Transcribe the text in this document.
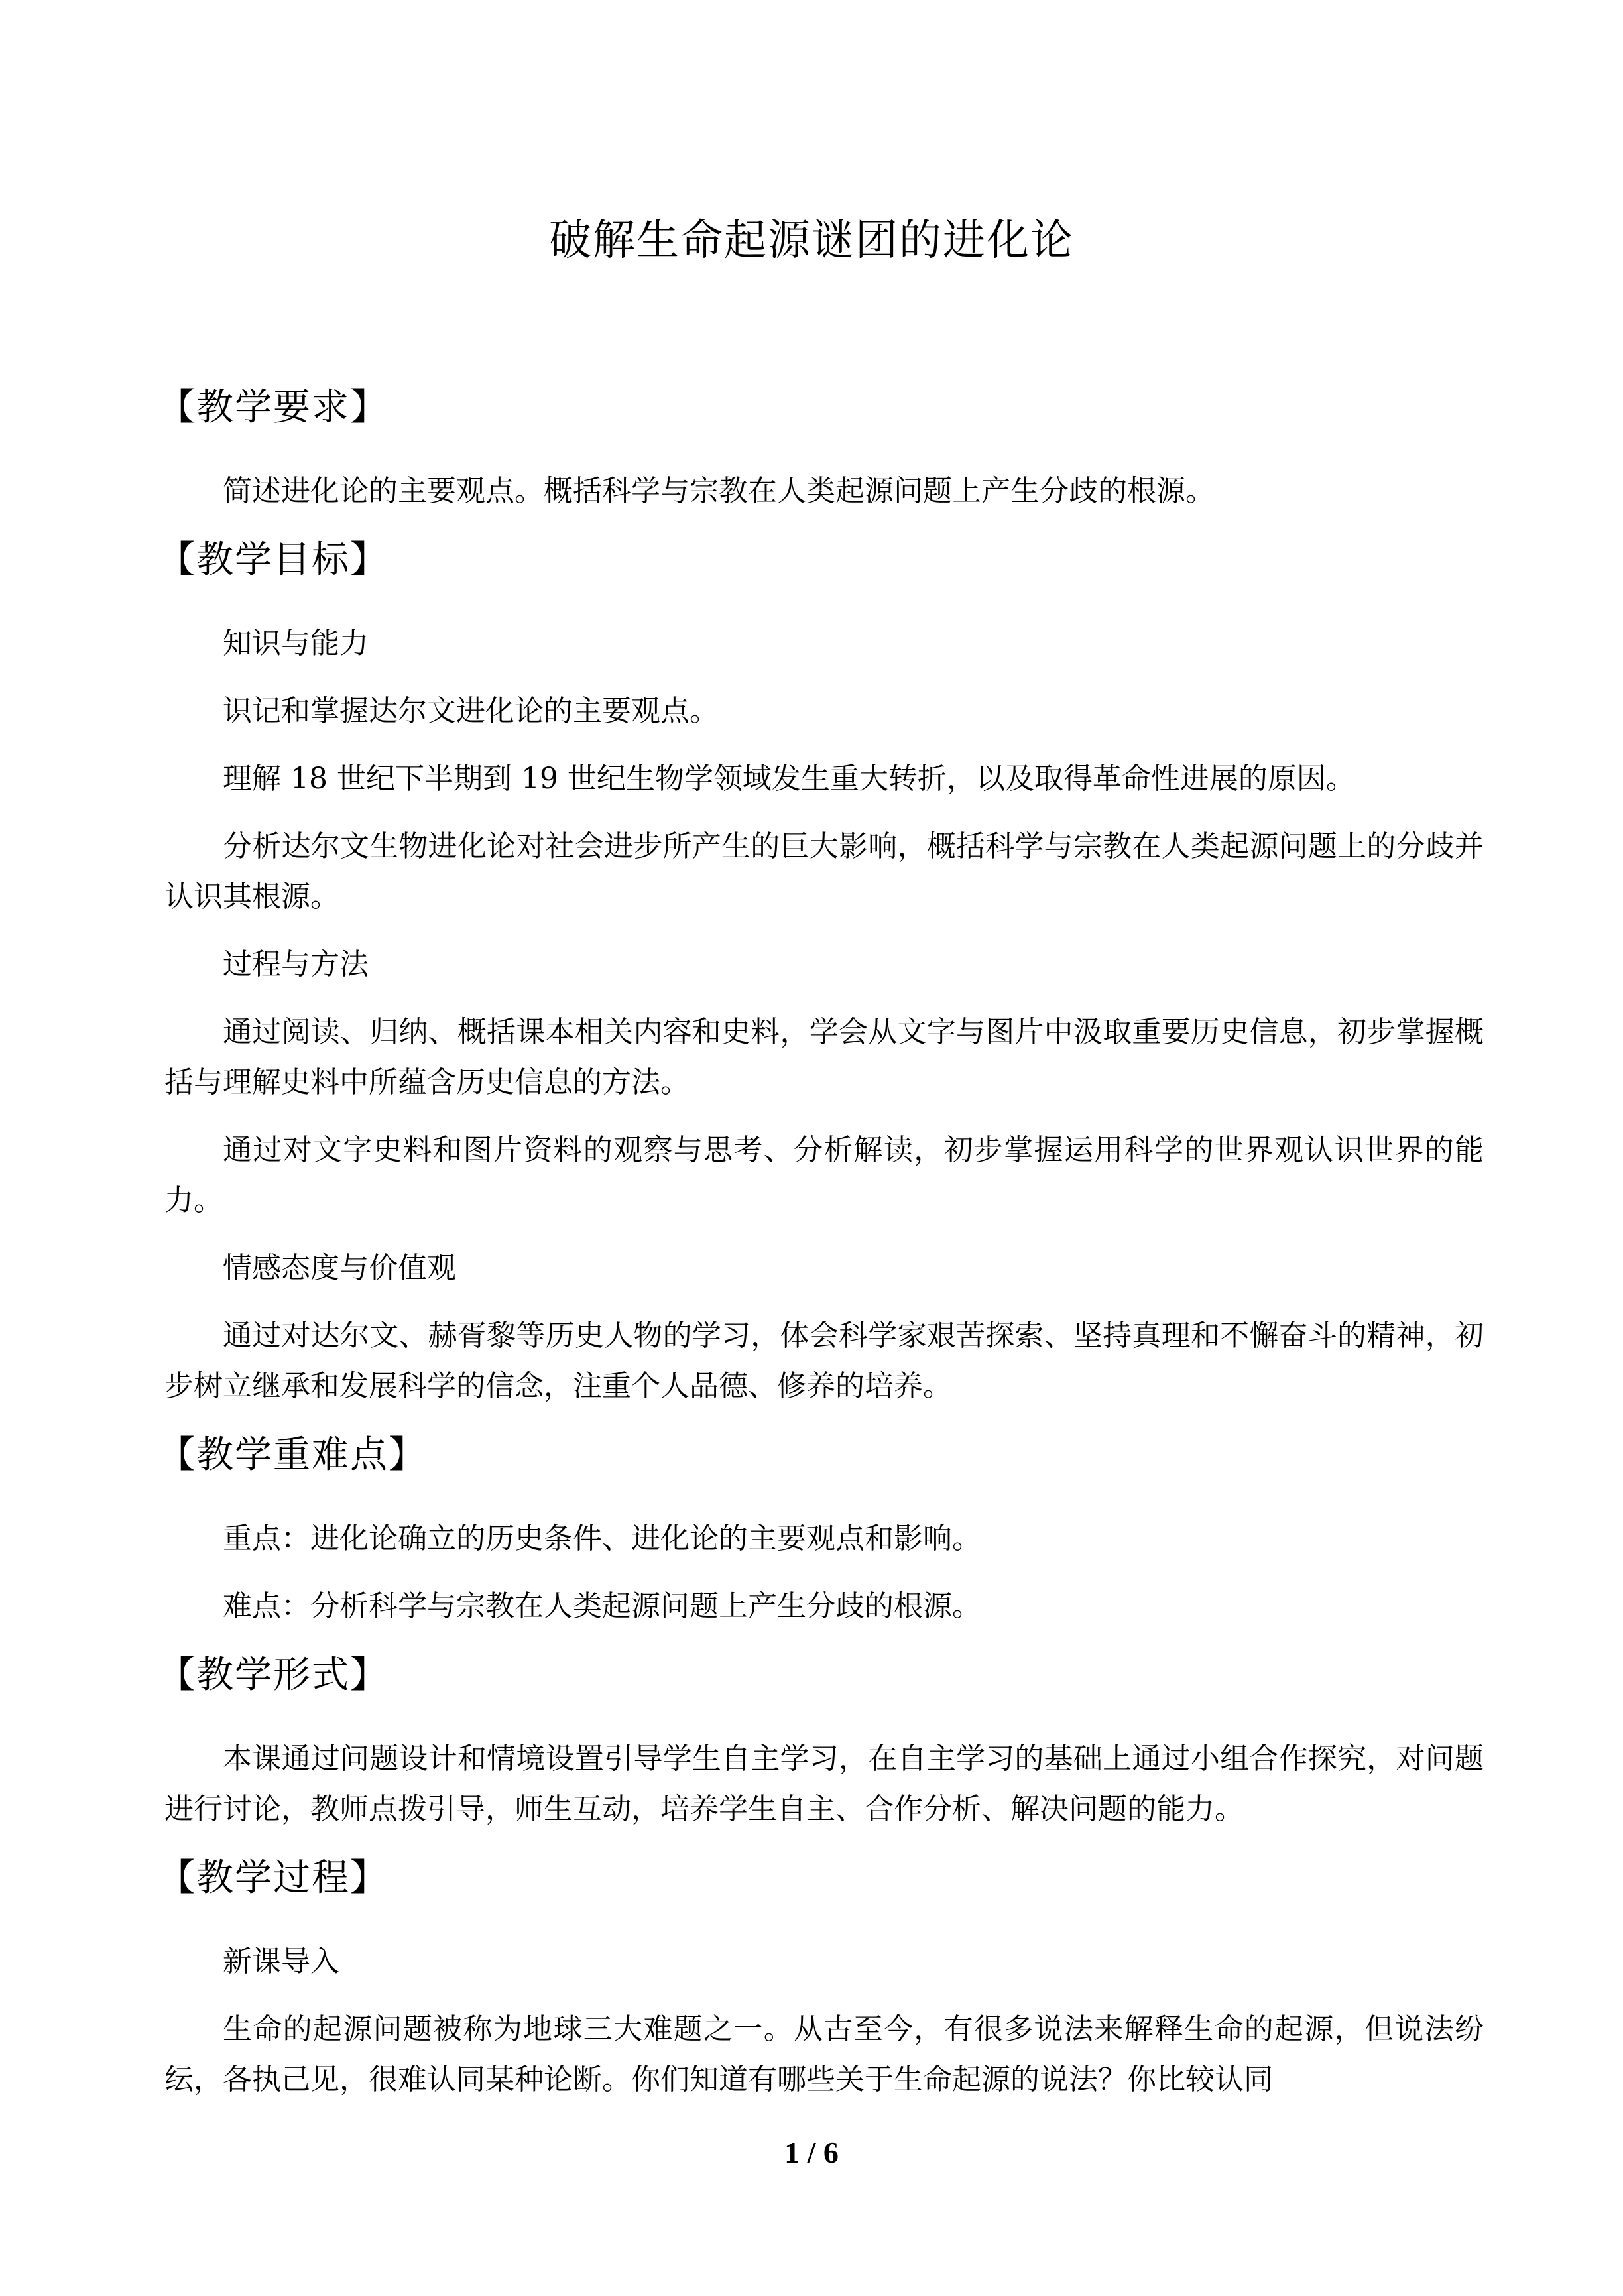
破解生命起源谜团的进化论
【教学要求】

简述进化论的主要观点。概括科学与宗教在人类起源问题上产生分歧的根源。

【教学目标】

知识与能力

识记和掌握达尔文进化论的主要观点。

理解 18 世纪下半期到 19 世纪生物学领域发生重大转折，以及取得革命性进展的原因。

分析达尔文生物进化论对社会进步所产生的巨大影响，概括科学与宗教在人类起源问题上的分歧并认识其根源。

过程与方法

通过阅读、归纳、概括课本相关内容和史料，学会从文字与图片中汲取重要历史信息，初步掌握概括与理解史料中所蕴含历史信息的方法。

通过对文字史料和图片资料的观察与思考、分析解读，初步掌握运用科学的世界观认识世界的能力。

情感态度与价值观

通过对达尔文、赫胥黎等历史人物的学习，体会科学家艰苦探索、坚持真理和不懈奋斗的精神，初步树立继承和发展科学的信念，注重个人品德、修养的培养。

【教学重难点】

重点：进化论确立的历史条件、进化论的主要观点和影响。

难点：分析科学与宗教在人类起源问题上产生分歧的根源。

【教学形式】

本课通过问题设计和情境设置引导学生自主学习，在自主学习的基础上通过小组合作探究，对问题进行讨论，教师点拨引导，师生互动，培养学生自主、合作分析、解决问题的能力。

【教学过程】

新课导入

生命的起源问题被称为地球三大难题之一。从古至今，有很多说法来解释生命的起源，但说法纷纭，各执己见，很难认同某种论断。你们知道有哪些关于生命起源的说法？你比较认同

1 / 6
